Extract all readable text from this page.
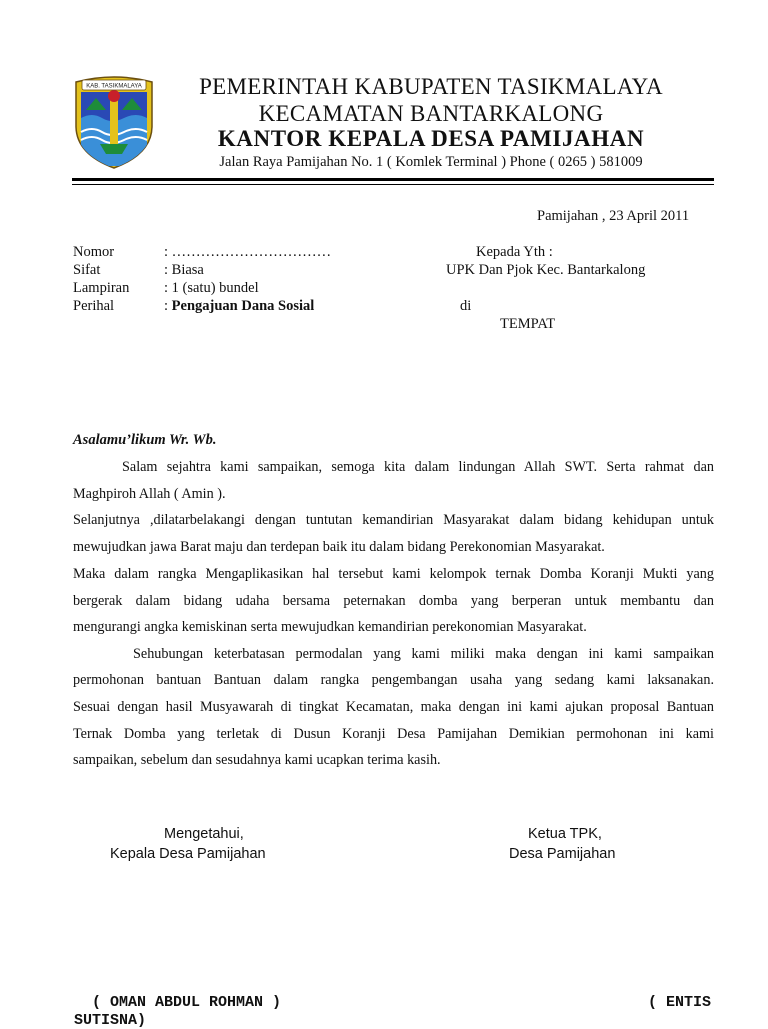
KAB. TASIKMALAYA	PEMERINTAH KABUPATEN TASIKMALAYA
KECAMATAN BANTARKALONG
KANTOR KEPALA DESA PAMIJAHAN
Jalan Raya Pamijahan No. 1 ( Komlek Terminal ) Phone ( 0265 ) 581009
Pamijahan , 23 April 2011
Nomor	: ……………………………
Sifat	: Biasa
Lampiran : 1 (satu) bundel
Perihal	: Pengajuan Dana Sosial
Kepada Yth :
UPK Dan Pjok Kec. Bantarkalong
di
TEMPAT
Asalamu’likum Wr. Wb.
Salam sejahtra kami sampaikan, semoga kita dalam lindungan Allah SWT. Serta rahmat dan
Maghpiroh Allah ( Amin ).
Selanjutnya ,dilatarbelakangi dengan tuntutan kemandirian Masyarakat dalam bidang kehidupan untuk
mewujudkan jawa Barat maju dan terdepan baik itu dalam bidang Perekonomian Masyarakat.
Maka dalam rangka Mengaplikasikan hal tersebut kami kelompok ternak Domba Koranji Mukti yang
bergerak dalam bidang udaha bersama peternakan domba yang berperan untuk membantu dan
mengurangi angka kemiskinan serta mewujudkan kemandirian perekonomian Masyarakat.
Sehubungan keterbatasan permodalan yang kami miliki maka dengan ini kami sampaikan
permohonan bantuan Bantuan dalam rangka pengembangan usaha yang sedang kami laksanakan.
Sesuai dengan hasil Musyawarah di tingkat Kecamatan, maka dengan ini kami ajukan proposal Bantuan
Ternak Domba yang terletak di Dusun Koranji Desa Pamijahan Demikian permohonan ini kami
sampaikan, sebelum dan sesudahnya kami ucapkan terima kasih.
Mengetahui,
Kepala Desa Pamijahan
Ketua TPK,
Desa Pamijahan
( OMAN ABDUL ROHMAN )	( ENTIS
SUTISNA)
